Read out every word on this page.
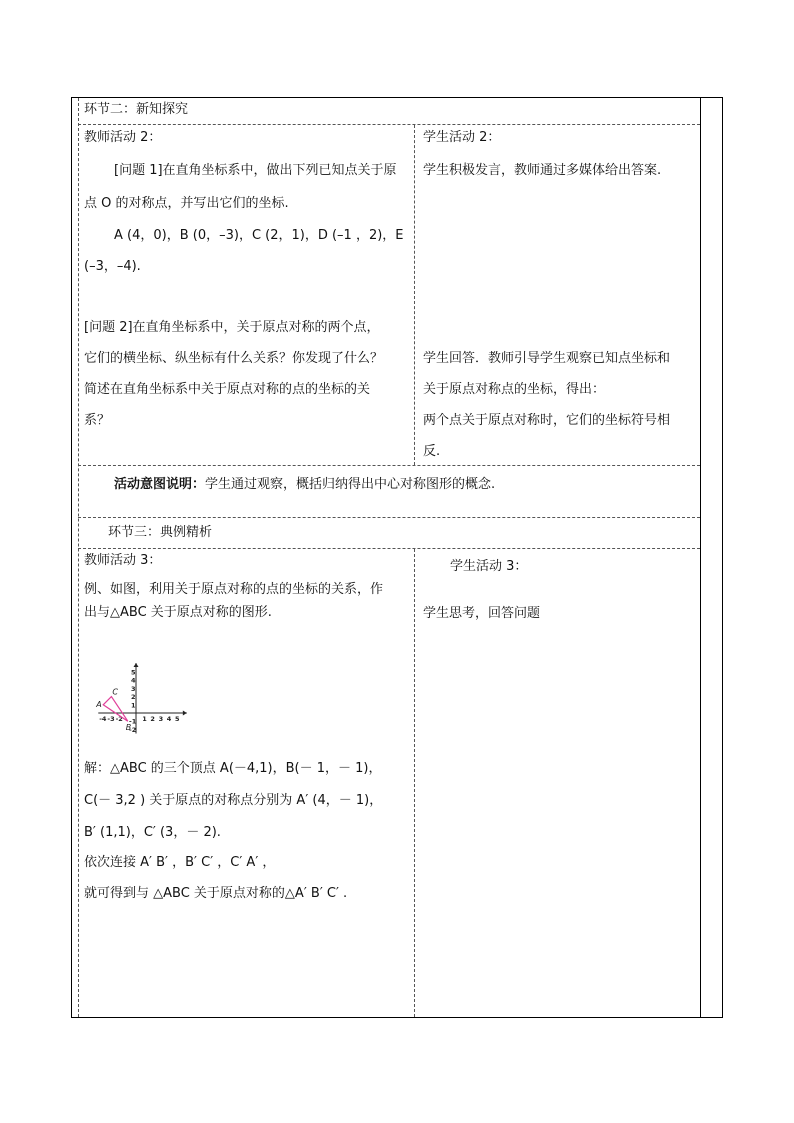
环节二：新知探究
教师活动 2：
[问题 1]在直角坐标系中，做出下列已知点关于原
点 O 的对称点，并写出它们的坐标.
A (4，0)，B (0，–3)，C (2，1)，D (–1 ，2)，E
(–3，–4).
[问题 2]在直角坐标系中，关于原点对称的两个点，
它们的横坐标、纵坐标有什么关系？你发现了什么？
简述在直角坐标系中关于原点对称的点的坐标的关
系？
学生活动 2：
学生积极发言，教师通过多媒体给出答案.
学生回答．教师引导学生观察已知点坐标和
关于原点对称点的坐标，得出：
两个点关于原点对称时，它们的坐标符号相
反.
活动意图说明：学生通过观察，概括归纳得出中心对称图形的概念.
环节三：典例精析
教师活动 3：
例、如图，利用关于原点对称的点的坐标的关系，作
出与△ABC 关于原点对称的图形.
-4 -3 -2	1 2 3 4 5
5
4
3
2
1
-1
-2
A
B
C
解：△ABC 的三个顶点 A(－4,1)，B(－ 1，－ 1)，
C(－ 3,2 ) 关于原点的对称点分别为 A′ (4，－ 1)，
B′ (1,1)，C′ (3，－ 2).
依次连接 A′ B′ ，B′ C′ ，C′ A′ ，
就可得到与 △ABC 关于原点对称的△A′ B′ C′ .
学生活动 3：
学生思考，回答问题
